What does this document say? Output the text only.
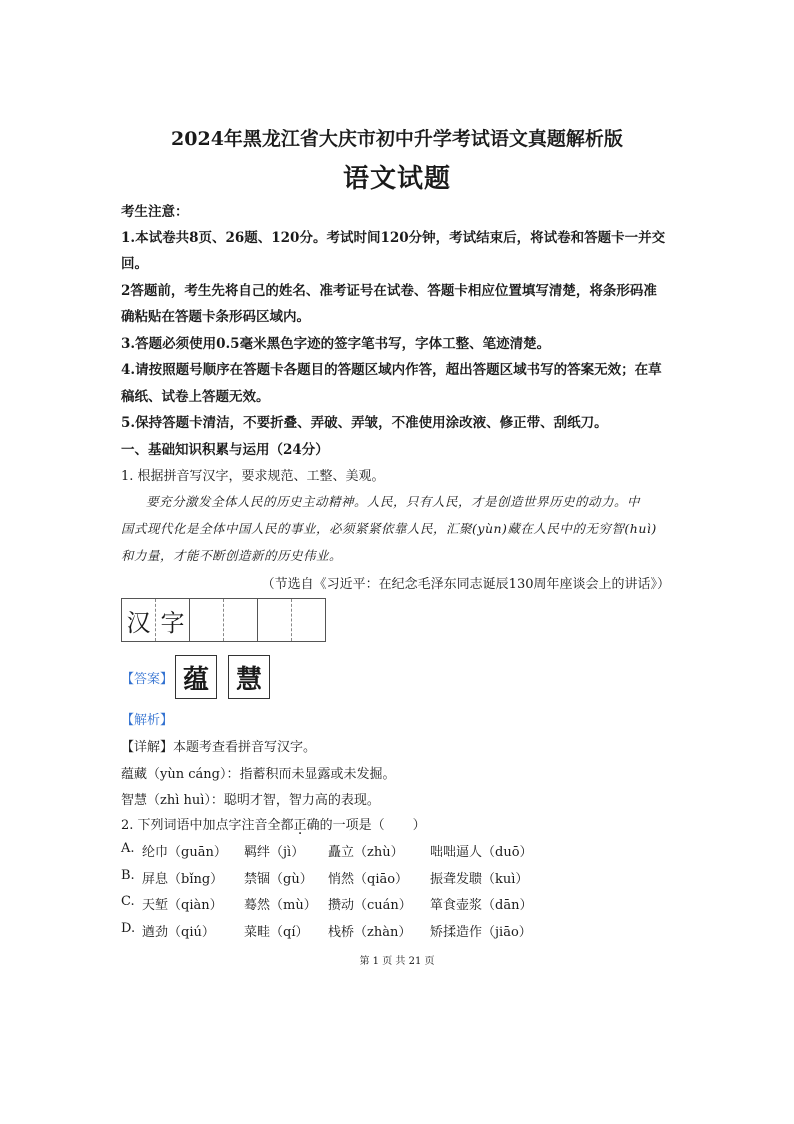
2024年黑龙江省大庆市初中升学考试语文真题解析版
语文试题
考生注意：
1.本试卷共8页、26题、120分。考试时间120分钟，考试结束后，将试卷和答题卡一并交
回。
2答题前，考生先将自己的姓名、准考证号在试卷、答题卡相应位置填写清楚，将条形码准
确粘贴在答题卡条形码区域内。
3.答题必须使用0.5毫米黑色字迹的签字笔书写，字体工整、笔迹清楚。
4.请按照题号顺序在答题卡各题目的答题区域内作答，超出答题区域书写的答案无效；在草
稿纸、试卷上答题无效。
5.保持答题卡清洁，不要折叠、弄破、弄皱，不准使用涂改液、修正带、刮纸刀。
一、基础知识积累与运用（24分）
1. 根据拼音写汉字，要求规范、工整、美观。
要充分激发全体人民的历史主动精神。人民，只有人民，才是创造世界历史的动力。中
国式现代化是全体中国人民的事业，必须紧紧依靠人民，汇聚(yùn)藏在人民中的无穷智(huì)
和力量，才能不断创造新的历史伟业。
（节选自《习近平：在纪念毛泽东同志诞辰130周年座谈会上的讲话》）
汉 字
【答案】 蕴	慧
【解析】
【详解】本题考查看拼音写汉字。
蕴藏（yùn cáng）：指蓄积而未显露或未发掘。
智慧（zhì huì）：聪明才智，智力高的表现。
2. 下列词语中加点字注音全都正确的一项是（ ）
A. 纶巾（guān） 羁绊（jì） 矗立（zhù） 咄咄逼人（duō）
B. 屏息（bǐng） 禁锢（gù） 悄然（qiāo） 振聋发聩（kuì）
C. 天堑（qiàn） 蓦然（mù） 攒动（cuán） 箪食壶浆（dān）
D. 遒劲（qiú） 菜畦（qí） 栈桥（zhàn） 矫揉造作（jiāo）
第 1 页 共 21 页
